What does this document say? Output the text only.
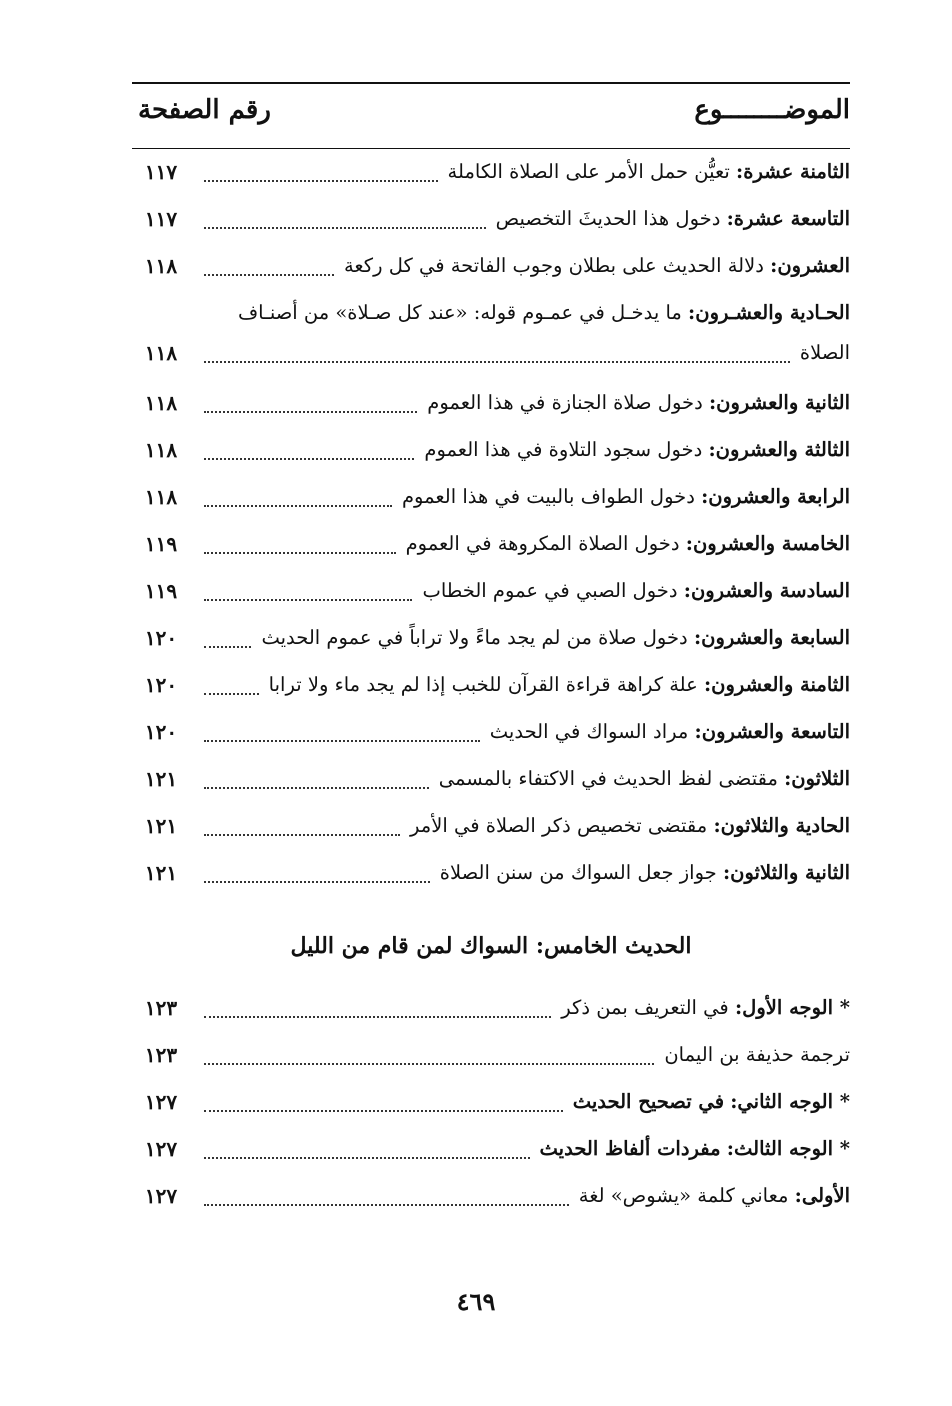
الموضــــــــوع
رقم الصفحة
الثامنة عشرة: تعيُّن حمل الأمر على الصلاة الكاملة
١١٧
التاسعة عشرة: دخول هذا الحديثَ التخصيص
١١٧
العشرون: دلالة الحديث على بطلان وجوب الفاتحة في كل ركعة
١١٨
الحـادية والعشـرون: ما يدخـل في عمـوم قوله: «عند كل صـلاة» من أصنـاف
الصلاة
١١٨
الثانية والعشرون: دخول صلاة الجنازة في هذا العموم
١١٨
الثالثة والعشرون: دخول سجود التلاوة في هذا العموم
١١٨
الرابعة والعشرون: دخول الطواف بالبيت في هذا العموم
١١٨
الخامسة والعشرون: دخول الصلاة المكروهة في العموم
١١٩
السادسة والعشرون: دخول الصبي في عموم الخطاب
١١٩
السابعة والعشرون: دخول صلاة من لم يجد ماءً ولا تراباً في عموم الحديث
١٢٠
الثامنة والعشرون: علة كراهة قراءة القرآن للخبب إذا لم يجد ماء ولا ترابا
١٢٠
التاسعة والعشرون: مراد السواك في الحديث
١٢٠
الثلاثون: مقتضى لفظ الحديث في الاكتفاء بالمسمى
١٢١
الحادية والثلاثون: مقتضى تخصيص ذكر الصلاة في الأمر
١٢١
الثانية والثلاثون: جواز جعل السواك من سنن الصلاة
١٢١
الحديث الخامس: السواك لمن قام من الليل
* الوجه الأول: في التعريف بمن ذكر
١٢٣
ترجمة حذيفة بن اليمان
١٢٣
* الوجه الثاني: في تصحيح الحديث
١٢٧
* الوجه الثالث: مفردات ألفاظ الحديث
١٢٧
الأولى: معاني كلمة «يشوص» لغة
١٢٧
٤٦٩
